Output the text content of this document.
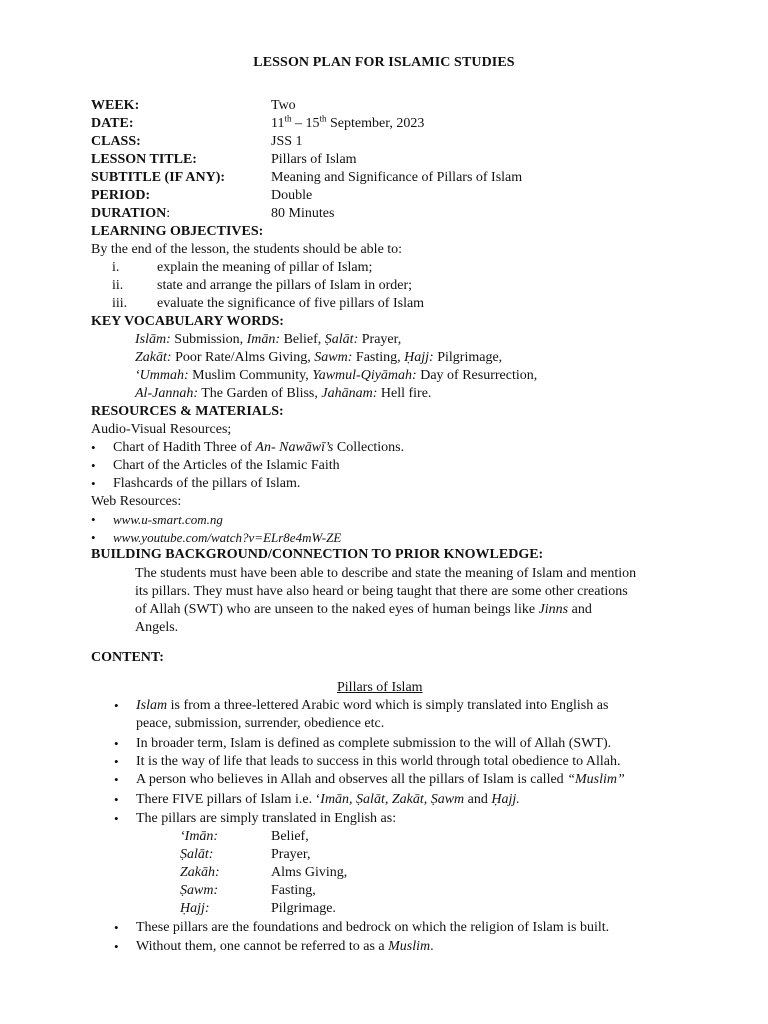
LESSON PLAN FOR ISLAMIC STUDIES
WEEK:	Two
DATE:	11th – 15th September, 2023
CLASS:	JSS 1
LESSON TITLE:	Pillars of Islam
SUBTITLE (IF ANY):	Meaning and Significance of Pillars of Islam
PERIOD:	Double
DURATION:	80 Minutes
LEARNING OBJECTIVES:
By the end of the lesson, the students should be able to:
i.	explain the meaning of pillar of Islam;
ii. state and arrange the pillars of Islam in order;
iii. evaluate the significance of five pillars of Islam
KEY VOCABULARY WORDS:
Islām: Submission, Imān: Belief, Ṣalāt: Prayer,
Zakāt: Poor Rate/Alms Giving, Sawm: Fasting, Ḥajj: Pilgrimage,
‘Ummah: Muslim Community, Yawmul-Qiyāmah: Day of Resurrection,
Al-Jannah: The Garden of Bliss, Jahānam: Hell fire.
RESOURCES & MATERIALS:
Audio-Visual Resources;
• Chart of Hadith Three of An- Nawāwī’s Collections.
• Chart of the Articles of the Islamic Faith
• Flashcards of the pillars of Islam.
Web Resources:
• www.u-smart.com.ng
• www.youtube.com/watch?v=ELr8e4mW-ZE
BUILDING BACKGROUND/CONNECTION TO PRIOR KNOWLEDGE:
The students must have been able to describe and state the meaning of Islam and mention
its pillars. They must have also heard or being taught that there are some other creations
of Allah (SWT) who are unseen to the naked eyes of human beings like Jinns and
Angels.
CONTENT:
Pillars of Islam
• Islam is from a three-lettered Arabic word which is simply translated into English as
peace, submission, surrender, obedience etc.
• In broader term, Islam is defined as complete submission to the will of Allah (SWT).
• It is the way of life that leads to success in this world through total obedience to Allah.
• A person who believes in Allah and observes all the pillars of Islam is called “Muslim”
• There FIVE pillars of Islam i.e. ‘Imān, Ṣalāt, Zakāt, Ṣawm and Ḥajj.
• The pillars are simply translated in English as:
‘Imān:	Belief,
Ṣalāt:	Prayer,
Zakāh:	Alms Giving,
Ṣawm:	Fasting,
Ḥajj:	Pilgrimage.
• These pillars are the foundations and bedrock on which the religion of Islam is built.
• Without them, one cannot be referred to as a Muslim.
